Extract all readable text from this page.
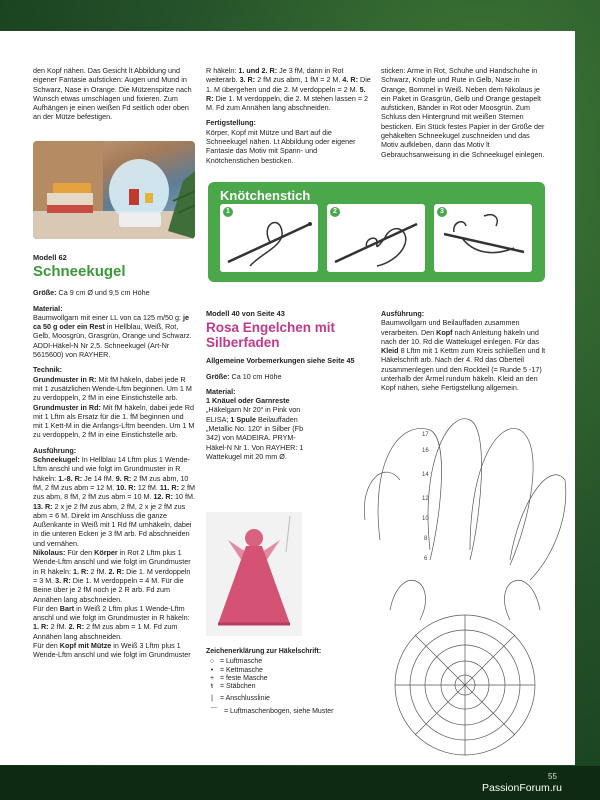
den Kopf nähen. Das Gesicht lt Abbildung und eigener Fantasie aufsticken: Augen und Mund in Schwarz, Nase in Orange. Die Mützenspitze nach Wunsch etwas umschlagen und fixieren. Zum Aufhängen je einen weißen Fd seitlich oder oben an der Mütze befestigen.

Modell 62
Schneekugel

Größe: Ca 9 cm Ø und 9,5 cm Höhe

Material:

Baumwollgarn mit einer LL von ca 125 m/50 g: je ca 50 g oder ein Rest in Hellblau, Weiß, Rot, Gelb, Moosgrün, Grasgrün, Orange und Schwarz. ADDI-Häkel-N Nr 2,5. Schneekugel (Art-Nr 5615600) von RAYHER.

Technik:

Grundmuster in R: Mit fM häkeln, dabei jede R mit 1 zusätzlichen Wende-Lftm beginnen. Um 1 M zu verdoppeln, 2 fM in eine Einstichstelle arb. Grundmuster in Rd: Mit fM häkeln, dabei jede Rd mit 1 Lftm als Ersatz für die 1. fM beginnen und mit 1 Kett-M in die Anfangs-Lftm beenden. Um 1 M zu verdoppeln, 2 fM in eine Einstichstelle arb.

Ausführung:

Schneekugel: In Hellblau 14 Lftm plus 1 Wende-Lftm anschl und wie folgt im Grundmuster in R häkeln: 1.-8. R: Je 14 fM. 9. R: 2 fM zus abm, 10 fM, 2 fM zus abm = 12 M. 10. R: 12 fM. 11. R: 2 fM zus abm, 8 fM, 2 fM zus abm = 10 M. 12. R: 10 fM. 13. R: 2 x je 2 fM zus abm, 2 fM, 2 x je 2 fM zus abm = 6 M. Direkt im Anschluss die ganze Außenkante in Weiß mit 1 Rd fM umhäkeln, dabei in die unteren Ecken je 3 fM arb. Fd abschneiden und vernähen.

Nikolaus: Für den Körper in Rot 2 Lftm plus 1 Wende-Lftm anschl und wie folgt im Grundmuster in R häkeln: 1. R: 2 fM. 2. R: Die 1. M verdoppeln = 3 M. 3. R: Die 1. M verdoppeln = 4 M. Für die Beine über je 2 fM noch je 2 R arb. Fd zum Annähen lang abschneiden.

Für den Bart in Weiß 2 Lftm plus 1 Wende-Lftm anschl und wie folgt im Grundmuster in R häkeln: 1. R: 2 fM. 2. R: 2 fM zus abm = 1 M. Fd zum Annähen lang abschneiden.

Für den Kopf mit Mütze in Weiß 3 Lftm plus 1 Wende-Lftm anschl und wie folgt im Grundmuster

R häkeln: 1. und 2. R: Je 3 fM, dann in Rot weiterarb. 3. R: 2 fM zus abm, 1 fM = 2 M. 4. R: Die 1. M übergehen und die 2. M verdoppeln = 2 M. 5. R: Die 1. M verdoppeln, die 2. M stehen lassen = 2 M. Fd zum Annähen lang abschneiden.

Fertigstellung:

Körper, Kopf mit Mütze und Bart auf die Schneekugel nähen. Lt Abbildung oder eigener Fantasie das Motiv mit Spann- und Knötchenstichen besticken.

sticken: Arme in Rot, Schuhe und Handschuhe in Schwarz, Knöpfe und Rute in Gelb, Nase in Orange, Bommel in Weiß. Neben dem Nikolaus je ein Paket in Grasgrün, Gelb und Orange gestapelt aufsticken, Bänder in Rot oder Moosgrün. Zum Schluss den Hintergrund mit weißen Sternen besticken. Ein Stück festes Papier in der Größe der gehäkelten Schneekugel zuschneiden und das Motiv aufkleben, dann das Motiv lt Gebrauchsanweisung in die Schneekugel einlegen.

Knötchenstich
1	2	3
Modell 40 von Seite 43
Rosa Engelchen mit Silberfaden

Allgemeine Vorbemerkungen siehe Seite 45

Größe: Ca 10 cm Höhe

Material:

1 Knäuel oder Garnreste „Häkelgarn Nr 20“ in Pink von ELISA; 1 Spule Beilauffaden „Metallic No. 120“ in Silber (Fb 342) von MADEIRA. PRYM-Häkel-N Nr 1. Von RAYHER: 1 Wattekugel mit 20 mm Ø.

Ausführung:

Baumwollgarn und Beilauffaden zusammen verarbeiten. Den Kopf nach Anleitung häkeln und nach der 10. Rd die Wattekugel einlegen. Für das Kleid 8 Lftm mit 1 Kettm zum Kreis schließen und lt Häkelschrift arb. Nach der 4. Rd das Oberteil zusammenlegen und den Rockteil (= Runde 5 -17) unterhalb der Ärmel rundum häkeln. Kleid an den Kopf nähen, siehe Fertigstellung allgemein.

17
16
14
12
10
8
6
Zeichenerklärung zur Häkelschrift:
○ = Luftmasche
• = Kettmasche
+ = feste Masche
ŧ = Stäbchen
| = Anschlusslinie
⌒ = Luftmaschenbogen, siehe Muster
55
PassionForum.ru
